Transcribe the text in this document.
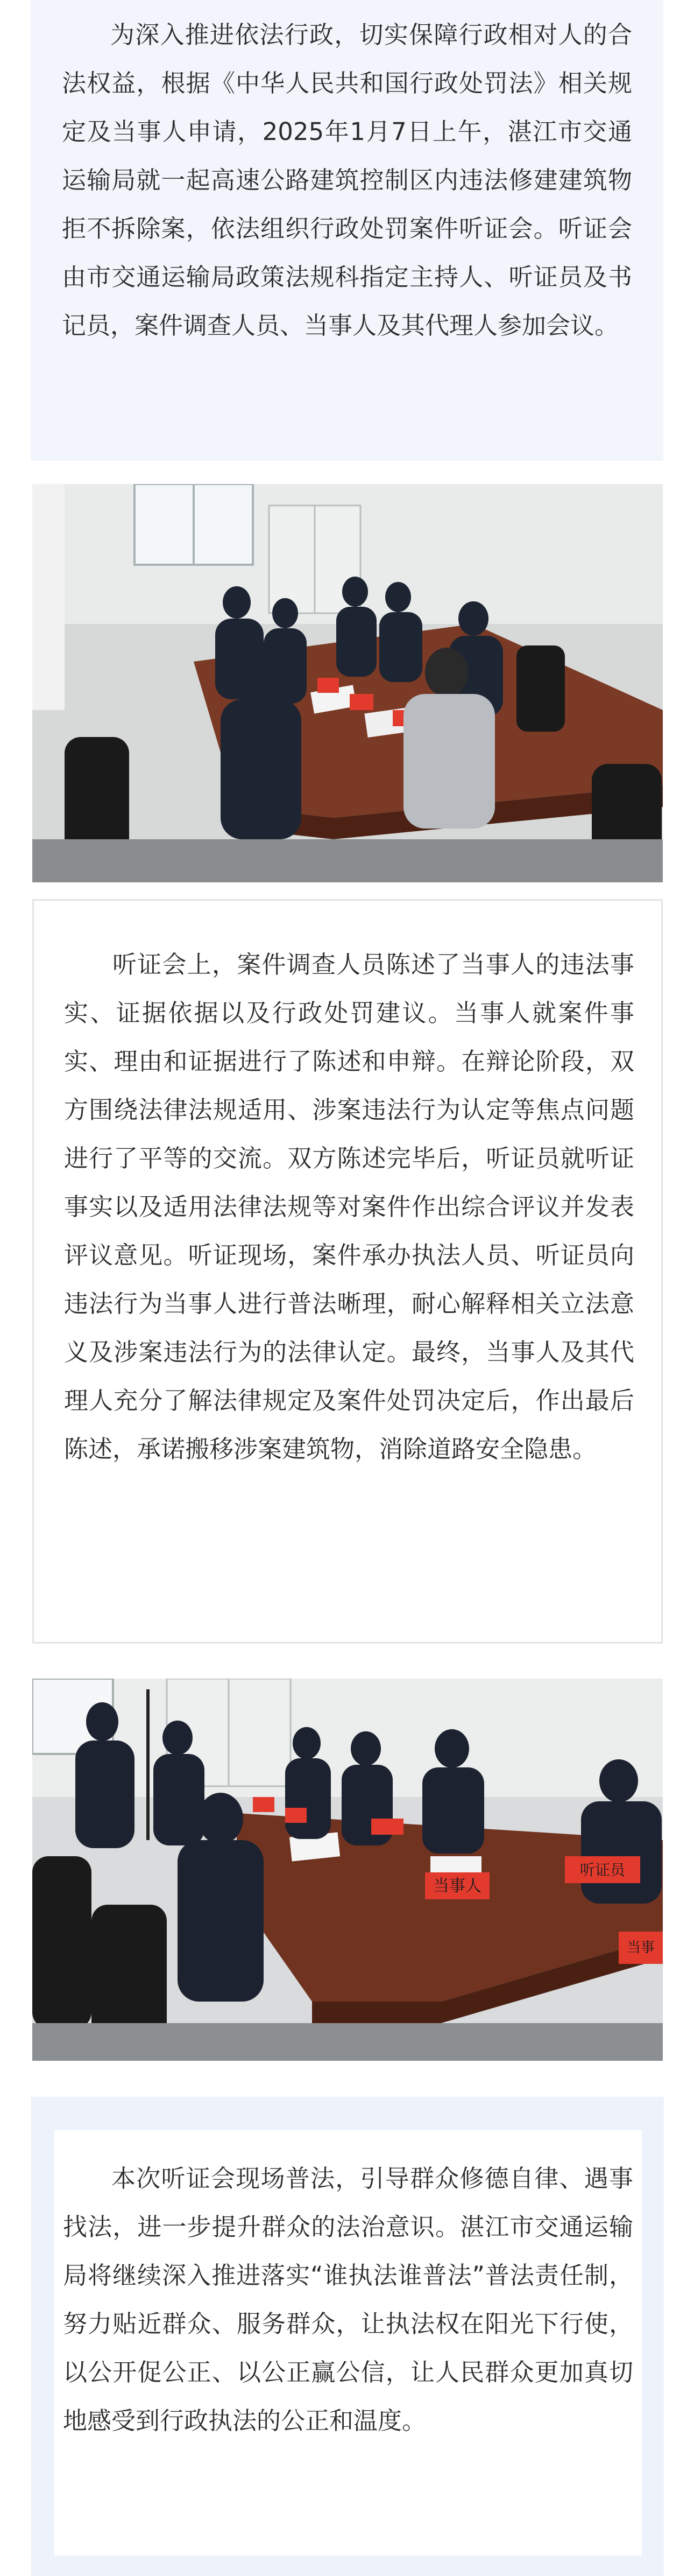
为深入推进依法行政，切实保障行政相对人的合法权益，根据《中华人民共和国行政处罚法》相关规定及当事人申请，2025年1月7日上午，湛江市交通运输局就一起高速公路建筑控制区内违法修建建筑物拒不拆除案，依法组织行政处罚案件听证会。听证会由市交通运输局政策法规科指定主持人、听证员及书记员，案件调查人员、当事人及其代理人参加会议。

听证会上，案件调查人员陈述了当事人的违法事实、证据依据以及行政处罚建议。当事人就案件事实、理由和证据进行了陈述和申辩。在辩论阶段，双方围绕法律法规适用、涉案违法行为认定等焦点问题进行了平等的交流。双方陈述完毕后，听证员就听证事实以及适用法律法规等对案件作出综合评议并发表评议意见。听证现场，案件承办执法人员、听证员向违法行为当事人进行普法晰理，耐心解释相关立法意义及涉案违法行为的法律认定。最终，当事人及其代理人充分了解法律规定及案件处罚决定后，作出最后陈述，承诺搬移涉案建筑物，消除道路安全隐患。

当事人
听证员
当事

本次听证会现场普法，引导群众修德自律、遇事找法，进一步提升群众的法治意识。湛江市交通运输局将继续深入推进落实“谁执法谁普法”普法责任制，努力贴近群众、服务群众，让执法权在阳光下行使，以公开促公正、以公正赢公信，让人民群众更加真切地感受到行政执法的公正和温度。
